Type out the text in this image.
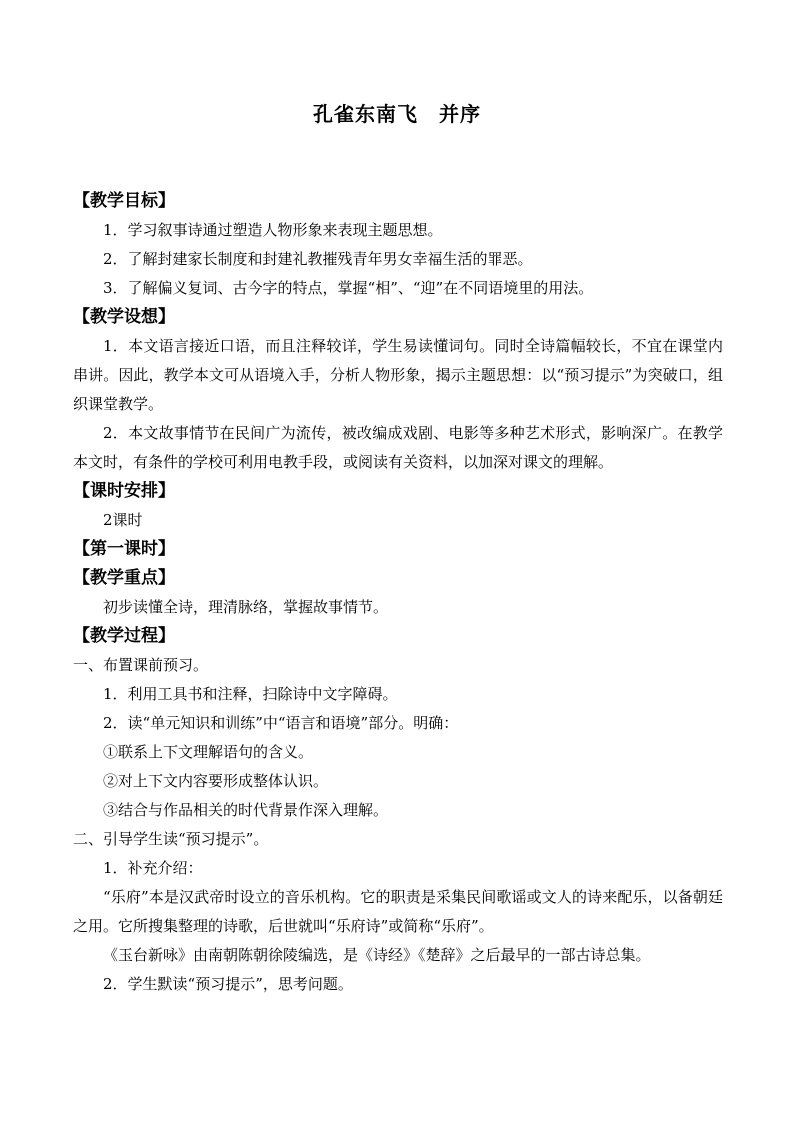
孔雀东南飞　并序
【教学目标】
1．学习叙事诗通过塑造人物形象来表现主题思想。
2．了解封建家长制度和封建礼教摧残青年男女幸福生活的罪恶。
3．了解偏义复词、古今字的特点，掌握“相”、“迎”在不同语境里的用法。
【教学设想】
1．本文语言接近口语，而且注释较详，学生易读懂词句。同时全诗篇幅较长，不宜在课堂内串讲。因此，教学本文可从语境入手，分析人物形象，揭示主题思想：以“预习提示”为突破口，组织课堂教学。
2．本文故事情节在民间广为流传，被改编成戏剧、电影等多种艺术形式，影响深广。在教学本文时，有条件的学校可利用电教手段，或阅读有关资料，以加深对课文的理解。
【课时安排】
2课时
【第一课时】
【教学重点】
初步读懂全诗，理清脉络，掌握故事情节。
【教学过程】
一、布置课前预习。
1．利用工具书和注释，扫除诗中文字障碍。
2．读“单元知识和训练”中“语言和语境”部分。明确：
①联系上下文理解语句的含义。
②对上下文内容要形成整体认识。
③结合与作品相关的时代背景作深入理解。
二、引导学生读“预习提示”。
1．补充介绍：
“乐府”本是汉武帝时设立的音乐机构。它的职责是采集民间歌谣或文人的诗来配乐，以备朝廷之用。它所搜集整理的诗歌，后世就叫“乐府诗”或简称“乐府”。
《玉台新咏》由南朝陈朝徐陵编选，是《诗经》《楚辞》之后最早的一部古诗总集。
2．学生默读“预习提示”，思考问题。
